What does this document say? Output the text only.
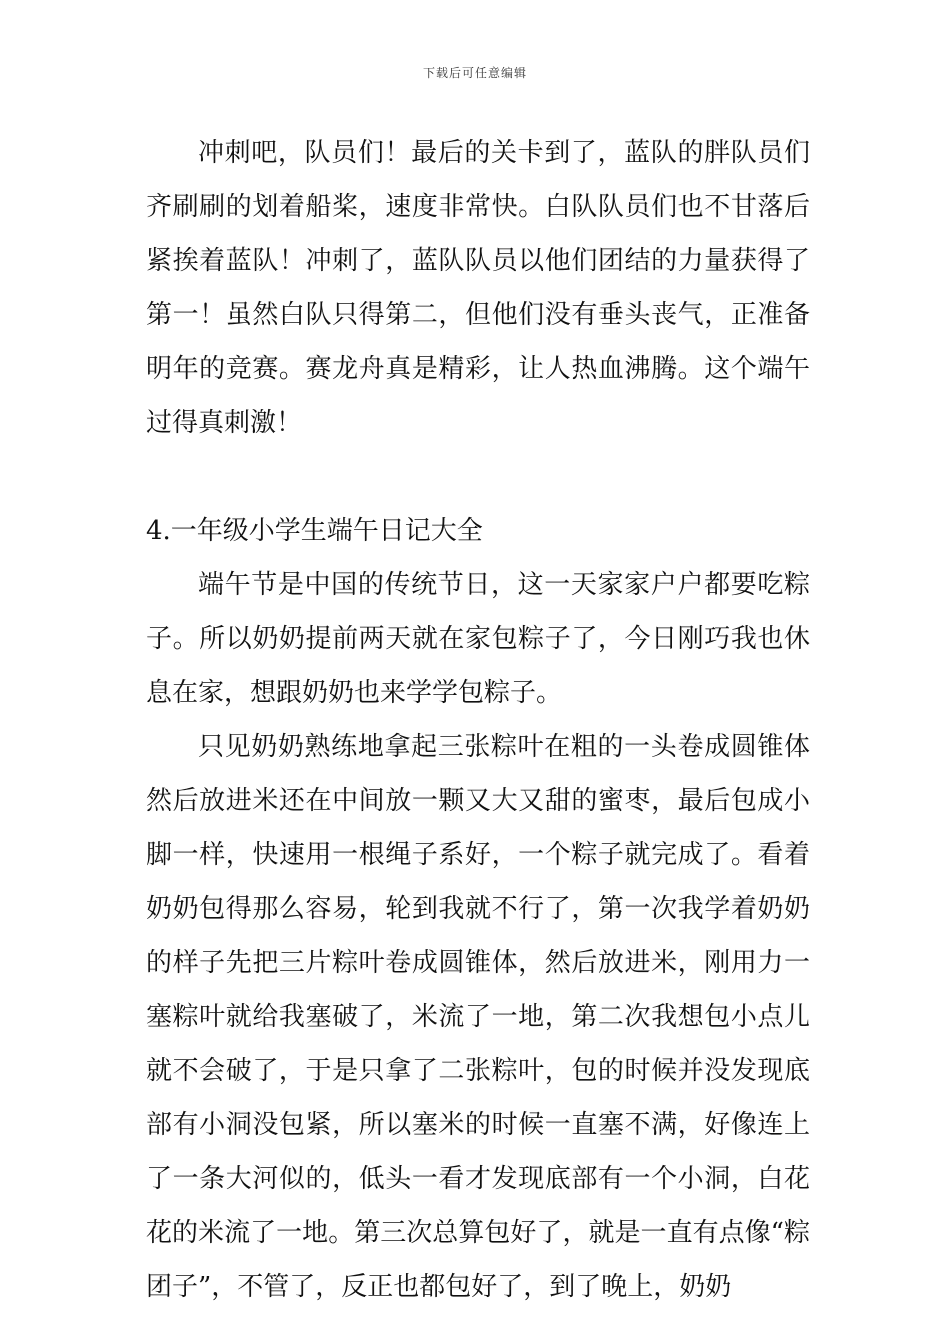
下载后可任意编辑

冲刺吧，队员们！最后的关卡到了，蓝队的胖队员们齐刷刷的划着船桨，速度非常快。白队队员们也不甘落后紧挨着蓝队！冲刺了，蓝队队员以他们团结的力量获得了第一！虽然白队只得第二，但他们没有垂头丧气，正准备明年的竞赛。赛龙舟真是精彩，让人热血沸腾。这个端午过得真刺激！

4.一年级小学生端午日记大全

端午节是中国的传统节日，这一天家家户户都要吃粽子。所以奶奶提前两天就在家包粽子了，今日刚巧我也休息在家，想跟奶奶也来学学包粽子。

只见奶奶熟练地拿起三张粽叶在粗的一头卷成圆锥体然后放进米还在中间放一颗又大又甜的蜜枣，最后包成小脚一样，快速用一根绳子系好，一个粽子就完成了。看着奶奶包得那么容易，轮到我就不行了，第一次我学着奶奶的样子先把三片粽叶卷成圆锥体，然后放进米，刚用力一塞粽叶就给我塞破了，米流了一地，第二次我想包小点儿就不会破了，于是只拿了二张粽叶，包的时候并没发现底部有小洞没包紧，所以塞米的时候一直塞不满，好像连上了一条大河似的，低头一看才发现底部有一个小洞，白花花的米流了一地。第三次总算包好了，就是一直有点像“粽团子”，不管了，反正也都包好了，到了晚上，奶奶
